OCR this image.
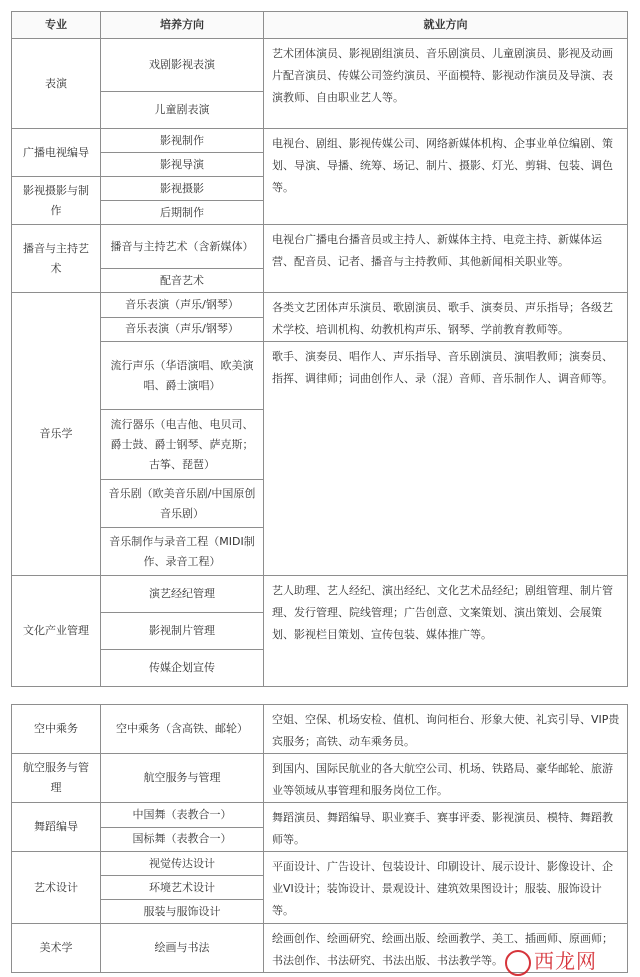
专业	培养方向	就业方向
表演	戏剧影视表演	艺术团体演员、影视剧组演员、音乐剧演员、儿童剧演员、影视及动画片配音演员、传媒公司签约演员、平面模特、影视动作演员及导演、表演教师、自由职业艺人等。
	儿童剧表演	
广播电视编导	影视制作	电视台、剧组、影视传媒公司、网络新媒体机构、企事业单位编剧、策划、导演、导播、统筹、场记、制片、摄影、灯光、剪辑、包装、调色等。
	影视导演	
影视摄影与制作	影视摄影	
	后期制作	
播音与主持艺术	播音与主持艺术（含新媒体）	电视台广播电台播音员或主持人、新媒体主持、电竞主持、新媒体运营、配音员、记者、播音与主持教师、其他新闻相关职业等。
	配音艺术	
音乐学	音乐表演（声乐/钢琴）	各类文艺团体声乐演员、歌剧演员、歌手、演奏员、声乐指导；各级艺术学校、培训机构、幼教机构声乐、钢琴、学前教育教师等。
	音乐表演（声乐/钢琴）	
	流行声乐（华语演唱、欧美演唱、爵士演唱）	歌手、演奏员、唱作人、声乐指导、音乐剧演员、演唱教师；演奏员、指挥、调律师；词曲创作人、录（混）音师、音乐制作人、调音师等。
	流行器乐（电吉他、电贝司、爵士鼓、爵士钢琴、萨克斯；古筝、琵琶）	
	音乐剧（欧美音乐剧/中国原创音乐剧）	
	音乐制作与录音工程（MIDI制作、录音工程）	
文化产业管理	演艺经纪管理	艺人助理、艺人经纪、演出经纪、文化艺术品经纪；剧组管理、制片管理、发行管理、院线管理；广告创意、文案策划、演出策划、会展策划、影视栏目策划、宣传包装、媒体推广等。
	影视制片管理	
	传媒企划宣传	
空中乘务	空中乘务（含高铁、邮轮）	空姐、空保、机场安检、值机、询问柜台、形象大使、礼宾引导、VIP贵宾服务；高铁、动车乘务员。
航空服务与管理	航空服务与管理	到国内、国际民航业的各大航空公司、机场、铁路局、豪华邮轮、旅游业等领域从事管理和服务岗位工作。
舞蹈编导	中国舞（表教合一）	舞蹈演员、舞蹈编导、职业赛手、赛事评委、影视演员、模特、舞蹈教师等。
	国标舞（表教合一）	
艺术设计	视觉传达设计	平面设计、广告设计、包装设计、印刷设计、展示设计、影像设计、企业VI设计；装饰设计、景观设计、建筑效果图设计；服装、服饰设计等。
	环境艺术设计	
	服装与服饰设计	
美术学	绘画与书法	绘画创作、绘画研究、绘画出版、绘画教学、美工、插画师、原画师；书法创作、书法研究、书法出版、书法教学等。	西龙网
